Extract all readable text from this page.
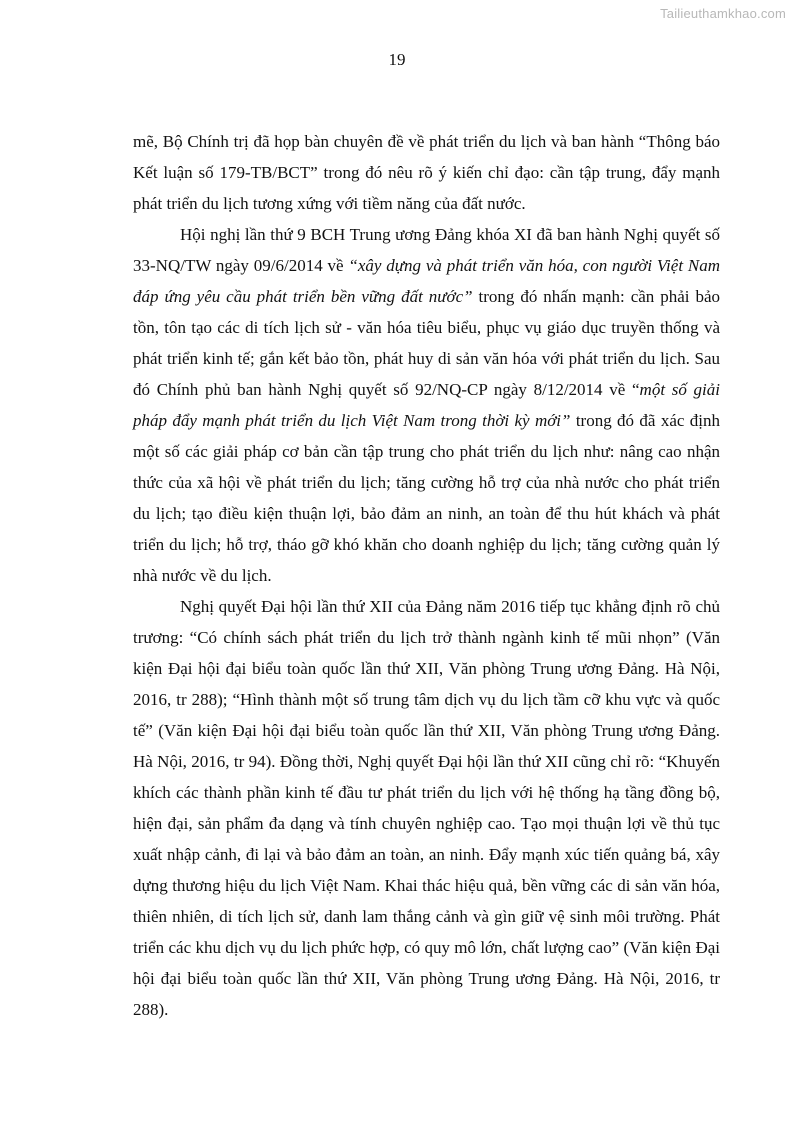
Tailieuthamkhao.com
19

mẽ, Bộ Chính trị đã họp bàn chuyên đề về phát triển du lịch và ban hành “Thông báo Kết luận số 179-TB/BCT” trong đó nêu rõ ý kiến chỉ đạo: cần tập trung, đẩy mạnh phát triển du lịch tương xứng với tiềm năng của đất nước.

Hội nghị lần thứ 9 BCH Trung ương Đảng khóa XI đã ban hành Nghị quyết số 33-NQ/TW ngày 09/6/2014 về “xây dựng và phát triển văn hóa, con người Việt Nam đáp ứng yêu cầu phát triển bền vững đất nước” trong đó nhấn mạnh: cần phải bảo tồn, tôn tạo các di tích lịch sử - văn hóa tiêu biểu, phục vụ giáo dục truyền thống và phát triển kinh tế; gắn kết bảo tồn, phát huy di sản văn hóa với phát triển du lịch. Sau đó Chính phủ ban hành Nghị quyết số 92/NQ-CP ngày 8/12/2014 về “một số giải pháp đẩy mạnh phát triển du lịch Việt Nam trong thời kỳ mới” trong đó đã xác định một số các giải pháp cơ bản cần tập trung cho phát triển du lịch như: nâng cao nhận thức của xã hội về phát triển du lịch; tăng cường hỗ trợ của nhà nước cho phát triển du lịch; tạo điều kiện thuận lợi, bảo đảm an ninh, an toàn để thu hút khách và phát triển du lịch; hỗ trợ, tháo gỡ khó khăn cho doanh nghiệp du lịch; tăng cường quản lý nhà nước về du lịch.

Nghị quyết Đại hội lần thứ XII của Đảng năm 2016 tiếp tục khẳng định rõ chủ trương: “Có chính sách phát triển du lịch trở thành ngành kinh tế mũi nhọn” (Văn kiện Đại hội đại biểu toàn quốc lần thứ XII, Văn phòng Trung ương Đảng. Hà Nội, 2016, tr 288); “Hình thành một số trung tâm dịch vụ du lịch tầm cỡ khu vực và quốc tế” (Văn kiện Đại hội đại biểu toàn quốc lần thứ XII, Văn phòng Trung ương Đảng. Hà Nội, 2016, tr 94). Đồng thời, Nghị quyết Đại hội lần thứ XII cũng chỉ rõ: “Khuyến khích các thành phần kinh tế đầu tư phát triển du lịch với hệ thống hạ tầng đồng bộ, hiện đại, sản phẩm đa dạng và tính chuyên nghiệp cao. Tạo mọi thuận lợi về thủ tục xuất nhập cảnh, đi lại và bảo đảm an toàn, an ninh. Đẩy mạnh xúc tiến quảng bá, xây dựng thương hiệu du lịch Việt Nam. Khai thác hiệu quả, bền vững các di sản văn hóa, thiên nhiên, di tích lịch sử, danh lam thắng cảnh và gìn giữ vệ sinh môi trường. Phát triển các khu dịch vụ du lịch phức hợp, có quy mô lớn, chất lượng cao” (Văn kiện Đại hội đại biểu toàn quốc lần thứ XII, Văn phòng Trung ương Đảng. Hà Nội, 2016, tr 288).
